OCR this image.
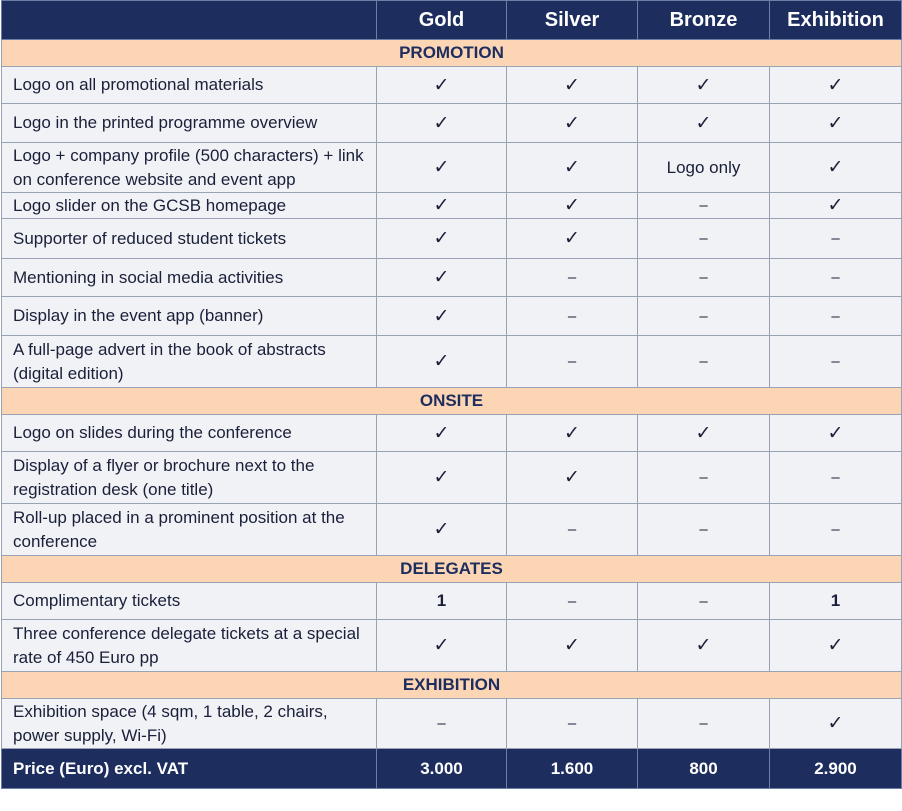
	Gold	Silver	Bronze	Exhibition
PROMOTION				
Logo on all promotional materials	✓	✓	✓	✓
Logo in the printed programme overview	✓	✓	✓	✓
Logo + company profile (500 characters) + link on conference website and event app	✓	✓	Logo only	✓
Logo slider on the GCSB homepage	✓	✓	–	✓
Supporter of reduced student tickets	✓	✓	–	–
Mentioning in social media activities	✓	–	–	–
Display in the event app (banner)	✓	–	–	–
A full-page advert in the book of abstracts (digital edition)	✓	–	–	–
ONSITE				
Logo on slides during the conference	✓	✓	✓	✓
Display of a flyer or brochure next to the registration desk (one title)	✓	✓	–	–
Roll-up placed in a prominent position at the conference	✓	–	–	–
DELEGATES				
Complimentary tickets	1	–	–	1
Three conference delegate tickets at a special rate of 450 Euro pp	✓	✓	✓	✓
EXHIBITION				
Exhibition space (4 sqm, 1 table, 2 chairs, power supply, Wi-Fi)	–	–	–	✓
Price (Euro) excl. VAT	3.000	1.600	800	2.900
